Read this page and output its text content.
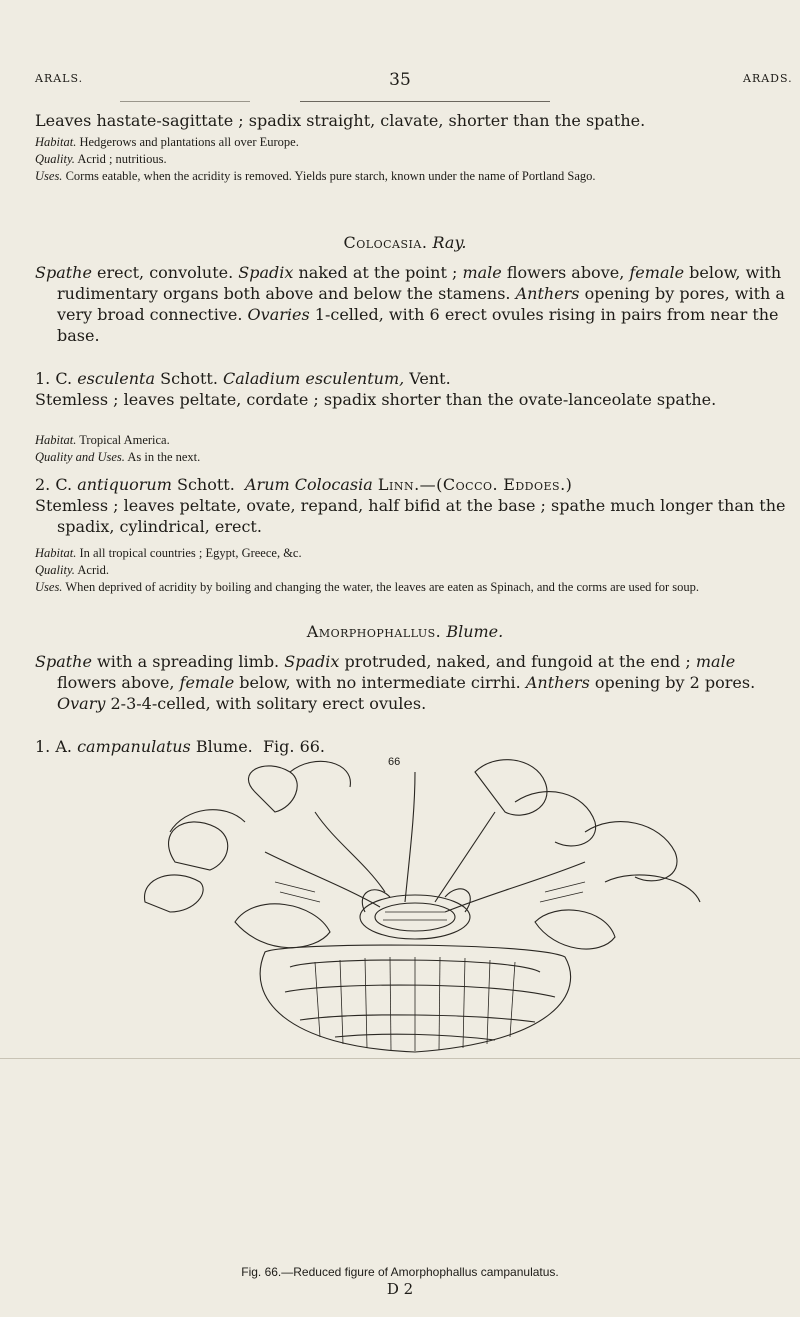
ARALS.	35	ARADS.
Leaves hastate-sagittate ; spadix straight, clavate, shorter than the spathe.
Habitat. Hedgerows and plantations all over Europe.
Quality. Acrid ; nutritious.
Uses. Corms eatable, when the acridity is removed. Yields pure starch, known under the name of Portland Sago.
Colocasia. Ray.
Spathe erect, convolute. Spadix naked at the point ; male flowers above, female below, with rudimentary organs both above and below the stamens. Anthers opening by pores, with a very broad connective. Ovaries 1-celled, with 6 erect ovules rising in pairs from near the base.
1. C. esculenta Schott. Caladium esculentum, Vent.
Stemless ; leaves peltate, cordate ; spadix shorter than the ovate-lanceolate spathe.
Habitat. Tropical America.
Quality and Uses. As in the next.
2. C. antiquorum Schott. Arum Colocasia Linn.—(Cocco. Eddoes.)
Stemless ; leaves peltate, ovate, repand, half bifid at the base ; spathe much longer than the spadix, cylindrical, erect.
Habitat. In all tropical countries ; Egypt, Greece, &c.
Quality. Acrid.
Uses. When deprived of acridity by boiling and changing the water, the leaves are eaten as Spinach, and the corms are used for soup.
Amorphophallus. Blume.
Spathe with a spreading limb. Spadix protruded, naked, and fungoid at the end ; male flowers above, female below, with no intermediate cirrhi. Anthers opening by 2 pores. Ovary 2-3-4-celled, with solitary erect ovules.
1. A. campanulatus Blume. Fig. 66.
66
Fig. 66.—Reduced figure of Amorphophallus campanulatus.
D 2
